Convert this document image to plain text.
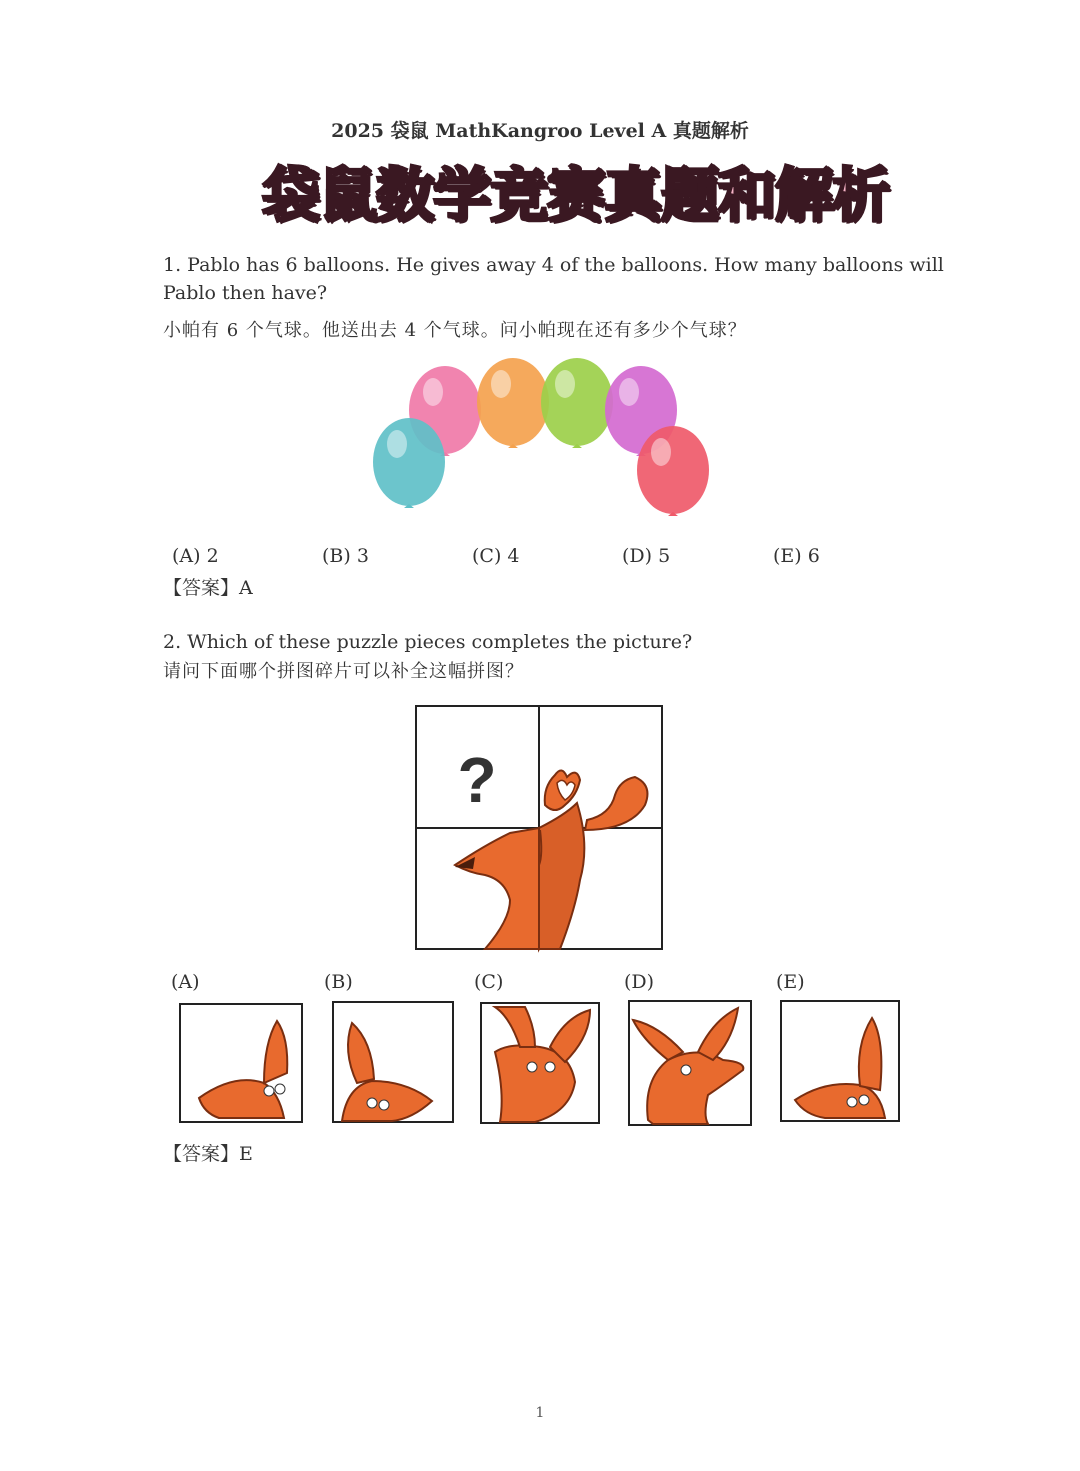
2025 袋鼠 MathKangroo Level A 真题解析
袋鼠数学竞赛真题和解析
1. Pablo has 6 balloons. He gives away 4 of the balloons. How many balloons will
Pablo then have?
小帕有 6 个气球。他送出去 4 个气球。问小帕现在还有多少个气球？
(A) 2	(B) 3	(C) 4	(D) 5	(E) 6
【答案】A
2. Which of these puzzle pieces completes the picture?
请问下面哪个拼图碎片可以补全这幅拼图？
?
(A)	(B)	(C)	(D)	(E)
【答案】E
1
